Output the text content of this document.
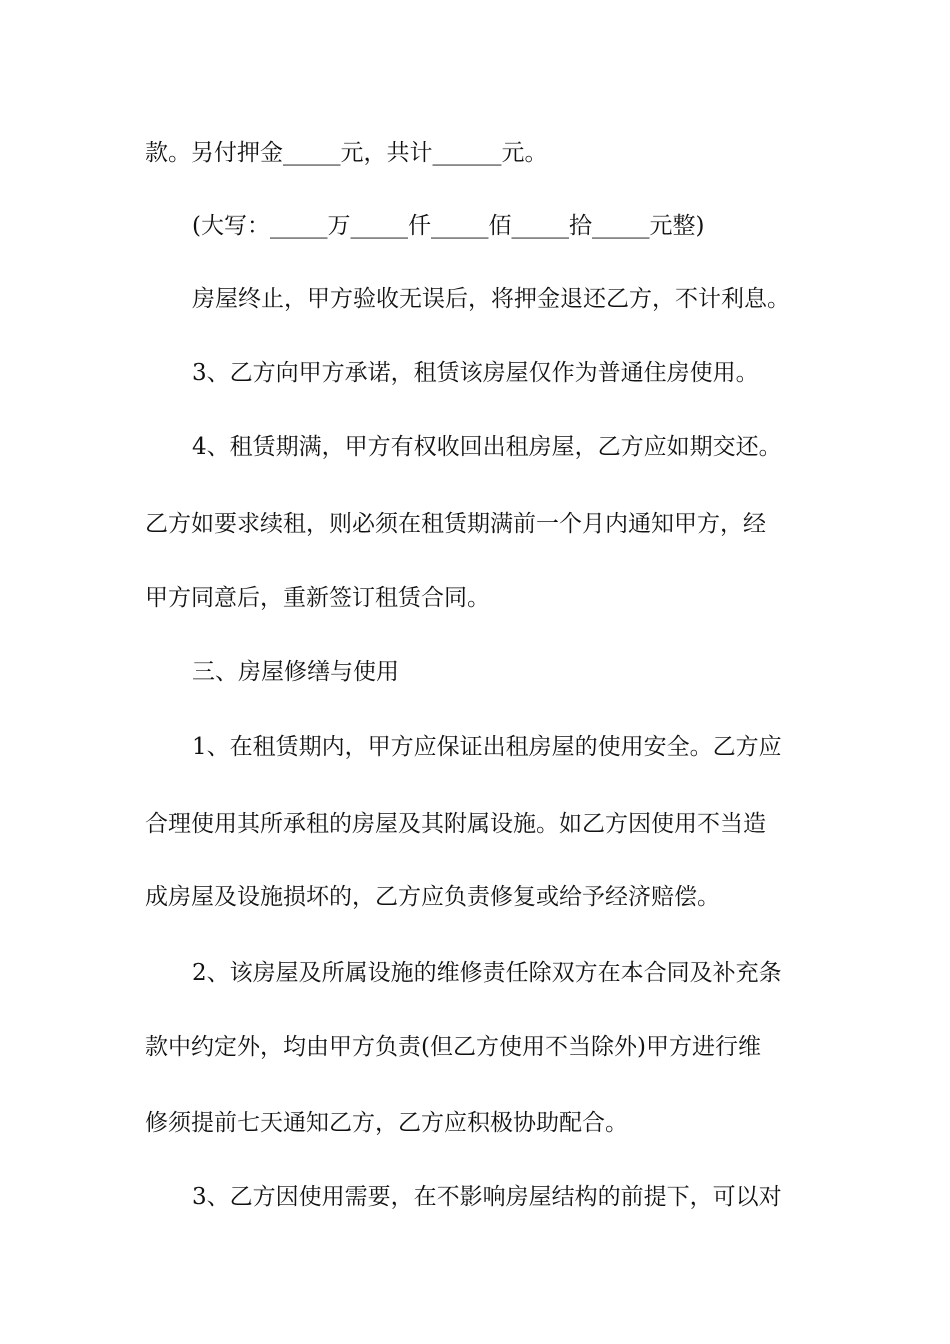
款。另付押金_____元，共计______元。

(大写：_____万_____仟_____佰_____拾_____元整)

房屋终止，甲方验收无误后，将押金退还乙方，不计利息。

3、乙方向甲方承诺，租赁该房屋仅作为普通住房使用。

4、租赁期满，甲方有权收回出租房屋，乙方应如期交还。

乙方如要求续租，则必须在租赁期满前一个月内通知甲方，经

甲方同意后，重新签订租赁合同。

三、房屋修缮与使用

1、在租赁期内，甲方应保证出租房屋的使用安全。乙方应

合理使用其所承租的房屋及其附属设施。如乙方因使用不当造

成房屋及设施损坏的，乙方应负责修复或给予经济赔偿。

2、该房屋及所属设施的维修责任除双方在本合同及补充条

款中约定外，均由甲方负责(但乙方使用不当除外)甲方进行维

修须提前七天通知乙方，乙方应积极协助配合。

3、乙方因使用需要，在不影响房屋结构的前提下，可以对
